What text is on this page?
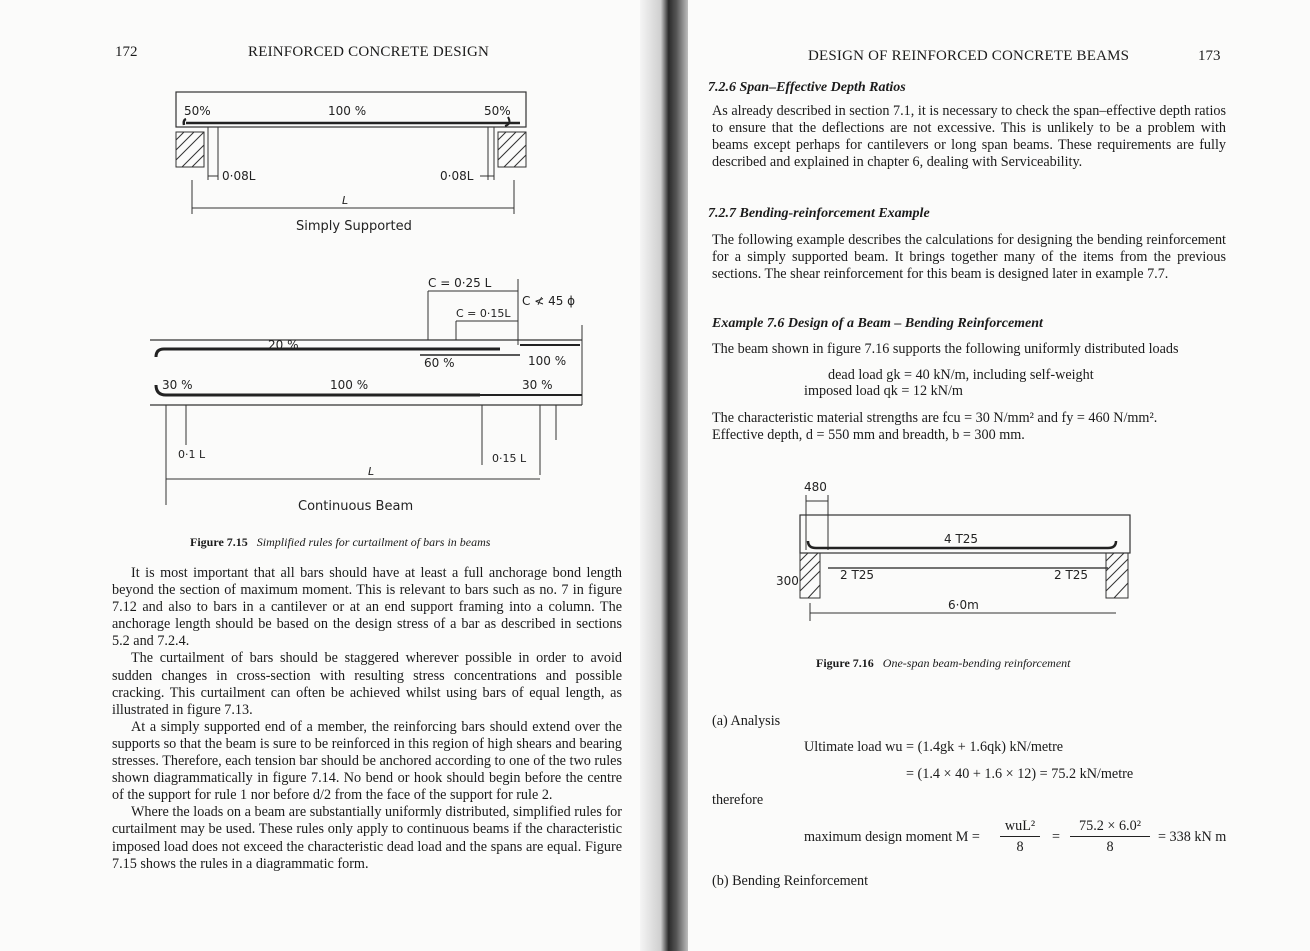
172	REINFORCED CONCRETE DESIGN
50%	100 %	50%
0·08L	0·08L
L
Simply Supported
C = 0·25 L
C = 0·15L
C ≮ 45 ϕ
0·1 L	0·15 L
L
20 %
60 %	100 %
30 %	100 %	30 %
Continuous Beam
Figure 7.15 Simplified rules for curtailment of bars in beams

It is most important that all bars should have at least a full anchorage bond length beyond the section of maximum moment. This is relevant to bars such as no. 7 in figure 7.12 and also to bars in a cantilever or at an end support framing into a column. The anchorage length should be based on the design stress of a bar as described in sections 5.2 and 7.2.4.

The curtailment of bars should be staggered wherever possible in order to avoid sudden changes in cross-section with resulting stress concentrations and possible cracking. This curtailment can often be achieved whilst using bars of equal length, as illustrated in figure 7.13.

At a simply supported end of a member, the reinforcing bars should extend over the supports so that the beam is sure to be reinforced in this region of high shears and bearing stresses. Therefore, each tension bar should be anchored according to one of the two rules shown diagrammatically in figure 7.14. No bend or hook should begin before the centre of the support for rule 1 nor before d/2 from the face of the support for rule 2.

Where the loads on a beam are substantially uniformly distributed, simplified rules for curtailment may be used. These rules only apply to continuous beams if the characteristic imposed load does not exceed the characteristic dead load and the spans are equal. Figure 7.15 shows the rules in a diagrammatic form.

DESIGN OF REINFORCED CONCRETE BEAMS	173
7.2.6 Span–Effective Depth Ratios

As already described in section 7.1, it is necessary to check the span–effective depth ratios to ensure that the deflections are not excessive. This is unlikely to be a problem with beams except perhaps for cantilevers or long span beams. These requirements are fully described and explained in chapter 6, dealing with Serviceability.

7.2.7 Bending-reinforcement Example

The following example describes the calculations for designing the bending reinforcement for a simply supported beam. It brings together many of the items from the previous sections. The shear reinforcement for this beam is designed later in example 7.7.

Example 7.6 Design of a Beam – Bending Reinforcement
The beam shown in figure 7.16 supports the following uniformly distributed loads
dead load gk = 40 kN/m, including self-weight
imposed load qk = 12 kN/m
The characteristic material strengths are fcu = 30 N/mm² and fy = 460 N/mm².
Effective depth, d = 550 mm and breadth, b = 300 mm.
480
4 T25
2 T25	2 T25
300
6·0m
Figure 7.16 One-span beam-bending reinforcement
(a) Analysis
Ultimate load wu = (1.4gk + 1.6qk) kN/metre
= (1.4 × 40 + 1.6 × 12) = 75.2 kN/metre
therefore
maximum design moment M =
wuL²
8
=
75.2 × 6.0²
8
= 338 kN m
(b) Bending Reinforcement
